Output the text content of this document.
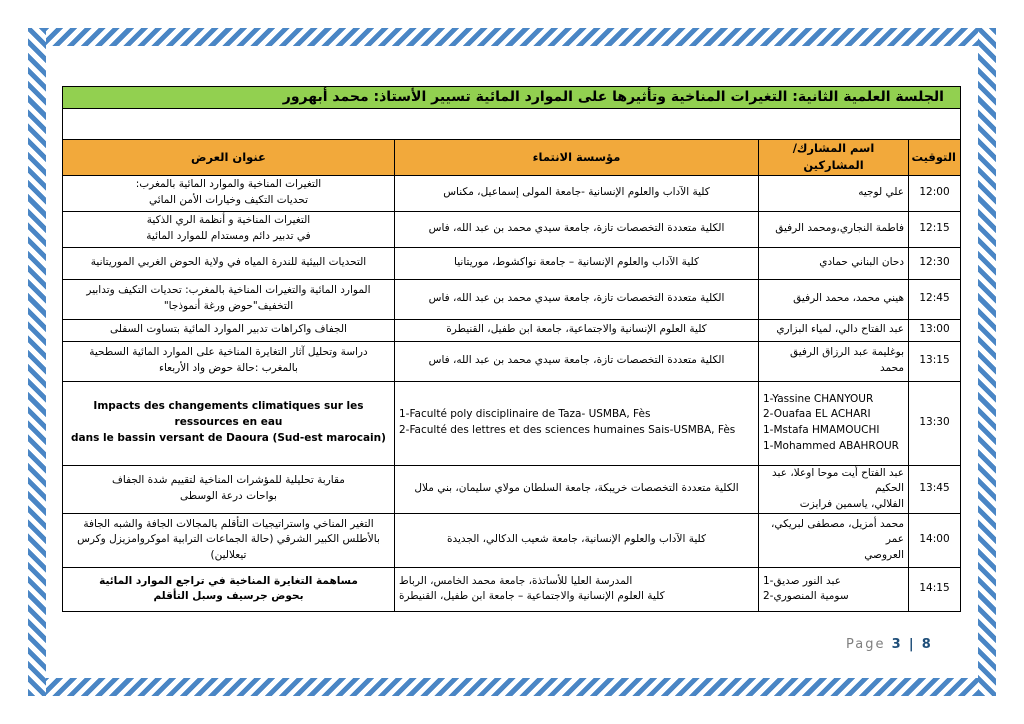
الجلسة العلمية الثانية: التغيرات المناخية وتأثيرها على الموارد المائية تسيير الأستاذ: محمد أبهرور			

التوقيت	اسم المشارك/المشاركين	مؤسسة الانتماء	عنوان العرض
12:00	علي لوجيه	كلية الآداب والعلوم الإنسانية -جامعة المولى إسماعيل، مكناس	التغيرات المناخية والموارد المائية بالمغرب:
تحديات التكيف وخيارات الأمن المائي

12:15	فاطمة النجاري،ومحمد الرفيق	الكلية متعددة التخصصات تازة، جامعة سيدي محمد بن عبد الله، فاس	التغيرات المناخية و أنظمة الري الذكية
في تدبير دائم ومستدام للموارد المائية

12:30	دحان البناني حمادي	كلية الآداب والعلوم الإنسانية – جامعة نواكشوط، موريتانيا	التحديات البيئية للندرة المياه في ولاية الحوض الغربي الموريتانية

12:45	هيني محمد، محمد الرفيق	الكلية متعددة التخصصات تازة، جامعة سيدي محمد بن عبد الله، فاس	الموارد المائية والتغيرات المناخية بالمغرب: تحديات التكيف وتدابير
التخفيف"حوض ورغة أنموذجا"

13:00	عبد الفتاح دالي، لمياء البزاري	كلية العلوم الإنسانية والاجتماعية، جامعة ابن طفيل، القنيطرة	الجفاف واكراهات تدبير الموارد المائية بتساوت السفلى

13:15	بوغليمة عبد الرزاق الرفيق محمد	الكلية متعددة التخصصات تازة، جامعة سيدي محمد بن عبد الله، فاس	دراسة وتحليل آثار التغايرة المناخية على الموارد المائية السطحية
بالمغرب :حالة حوض واد الأربعاء

13:30	1-Yassine CHANYOUR
2-Ouafaa EL ACHARI
1-Mstafa HMAMOUCHI
1-Mohammed ABAHROUR	1-Faculté poly disciplinaire de Taza- USMBA, Fès
2-Faculté des lettres et des sciences humaines Sais-USMBA, Fès	Impacts des changements climatiques sur les ressources en eau
dans le bassin versant de Daoura (Sud-est marocain)

13:45	عبد الفتاح أيت موحا اوعلا، عبد الحكيم
الفلالي، ياسمين فرايزت	الكلية متعددة التخصصات خريبكة، جامعة السلطان مولاي سليمان، بني ملال	مقاربة تحليلية للمؤشرات المناخية لتقييم شدة الجفاف
بواحات درعة الوسطى

14:00	محمد أمزيل، مصطفى لبريكي، عمر
العروصي	كلية الآداب والعلوم الإنسانية، جامعة شعيب الدكالي، الجديدة	التغير المناخي واستراتيجيات التأقلم بالمجالات الجافة والشبه الجافة
بالأطلس الكبير الشرقي (حالة الجماعات الترابية اموكروامزيزل وكرس
تيعلالين)

14:15	1-عبد النور صديق
2-سومية المنصوري	المدرسة العليا للأساتذة، جامعة محمد الخامس، الرباط
كلية العلوم الإنسانية والاجتماعية – جامعة ابن طفيل، القنيطرة	مساهمة التغايرة المناخية في تراجع الموارد المائية
بحوض جرسيف وسبل التأقلم
Page 3 | 8
